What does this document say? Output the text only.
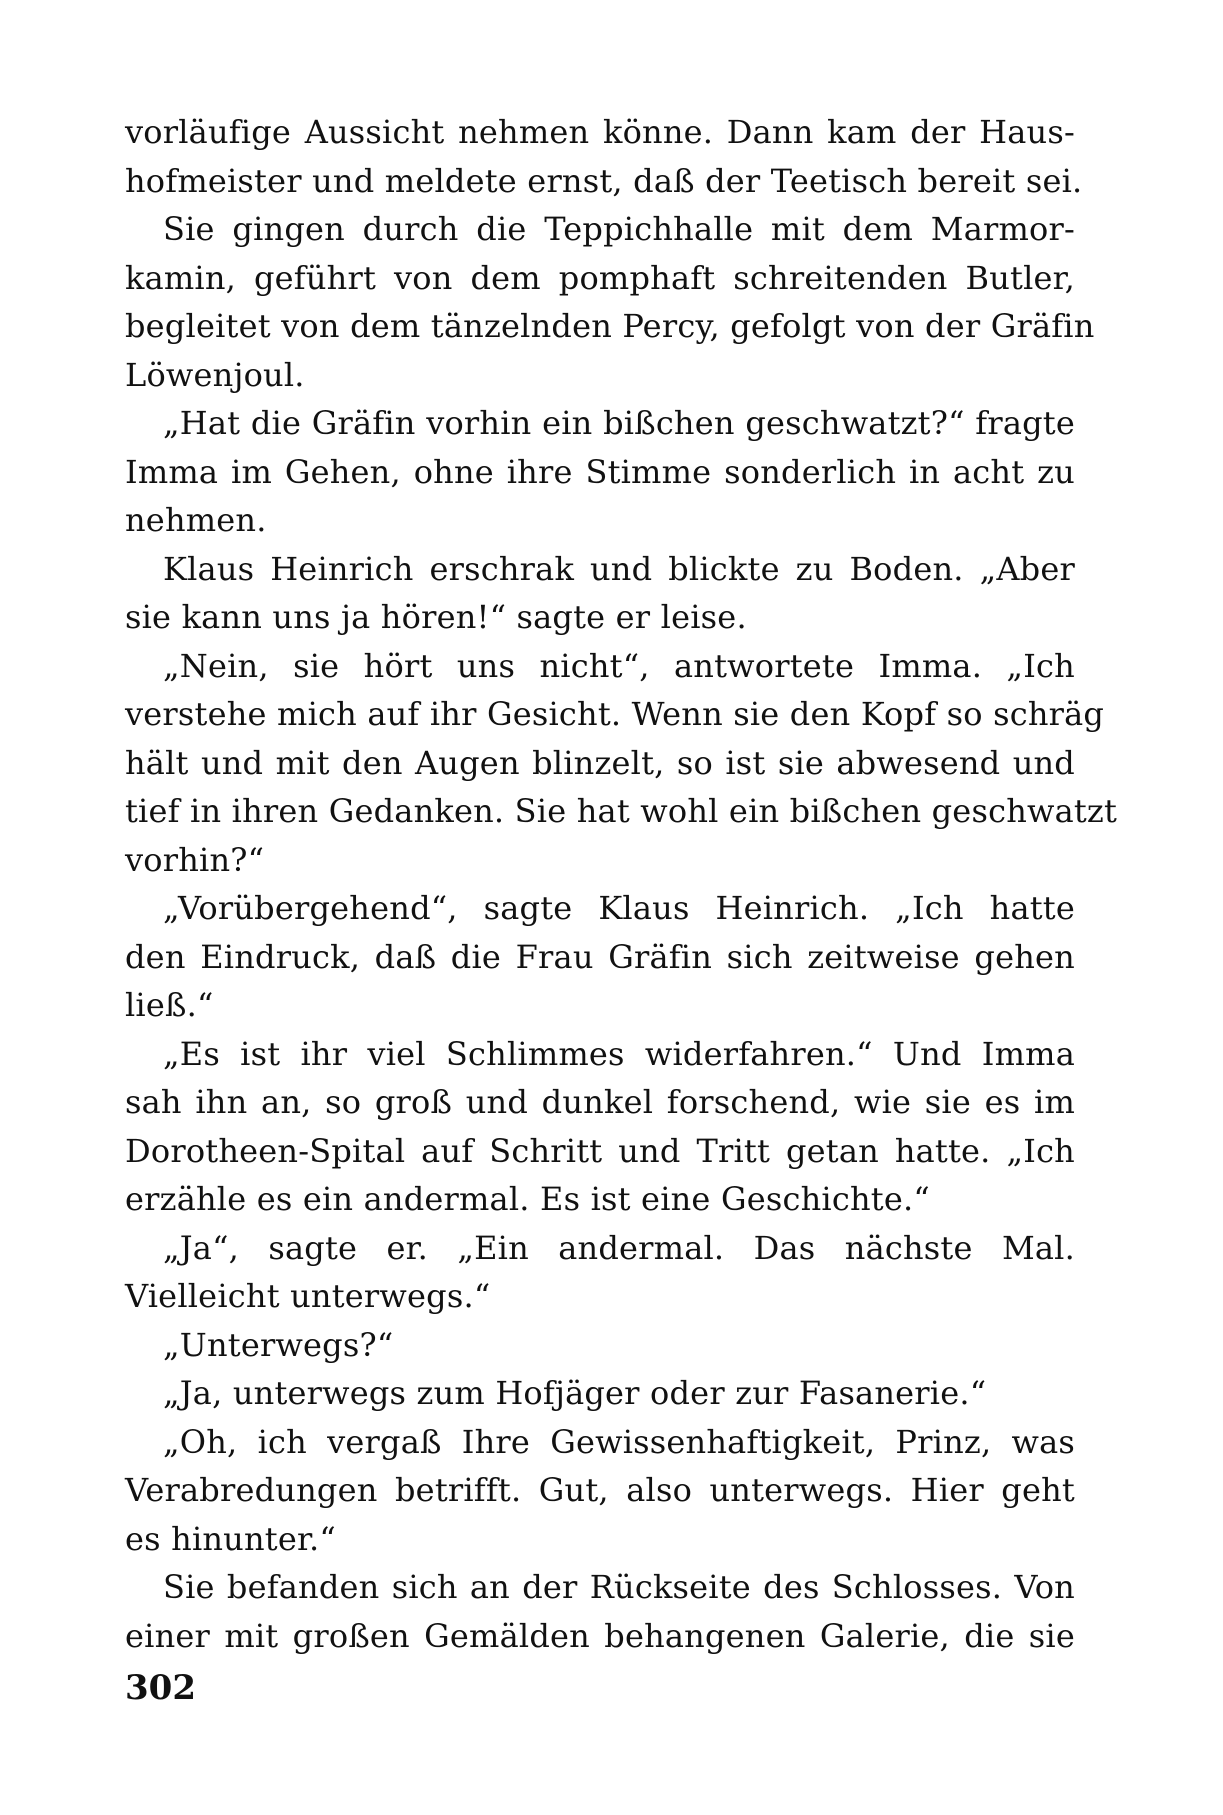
vorläufige Aussicht nehmen könne. Dann kam der Haus-
hofmeister und meldete ernst, daß der Teetisch bereit sei.
Sie gingen durch die Teppichhalle mit dem Marmor-
kamin, geführt von dem pomphaft schreitenden Butler,
begleitet von dem tänzelnden Percy, gefolgt von der Gräfin
Löwenjoul.
„Hat die Gräfin vorhin ein bißchen geschwatzt?“ fragte
Imma im Gehen, ohne ihre Stimme sonderlich in acht zu
nehmen.
Klaus Heinrich erschrak und blickte zu Boden. „Aber
sie kann uns ja hören!“ sagte er leise.
„Nein, sie hört uns nicht“, antwortete Imma. „Ich
verstehe mich auf ihr Gesicht. Wenn sie den Kopf so schräg
hält und mit den Augen blinzelt, so ist sie abwesend und
tief in ihren Gedanken. Sie hat wohl ein bißchen geschwatzt
vorhin?“
„Vorübergehend“, sagte Klaus Heinrich. „Ich hatte
den Eindruck, daß die Frau Gräfin sich zeitweise gehen
ließ.“
„Es ist ihr viel Schlimmes widerfahren.“ Und Imma
sah ihn an, so groß und dunkel forschend, wie sie es im
Dorotheen-Spital auf Schritt und Tritt getan hatte. „Ich
erzähle es ein andermal. Es ist eine Geschichte.“
„Ja“, sagte er. „Ein andermal. Das nächste Mal.
Vielleicht unterwegs.“
„Unterwegs?“
„Ja, unterwegs zum Hofjäger oder zur Fasanerie.“
„Oh, ich vergaß Ihre Gewissenhaftigkeit, Prinz, was
Verabredungen betrifft. Gut, also unterwegs. Hier geht
es hinunter.“
Sie befanden sich an der Rückseite des Schlosses. Von
einer mit großen Gemälden behangenen Galerie, die sie
302
